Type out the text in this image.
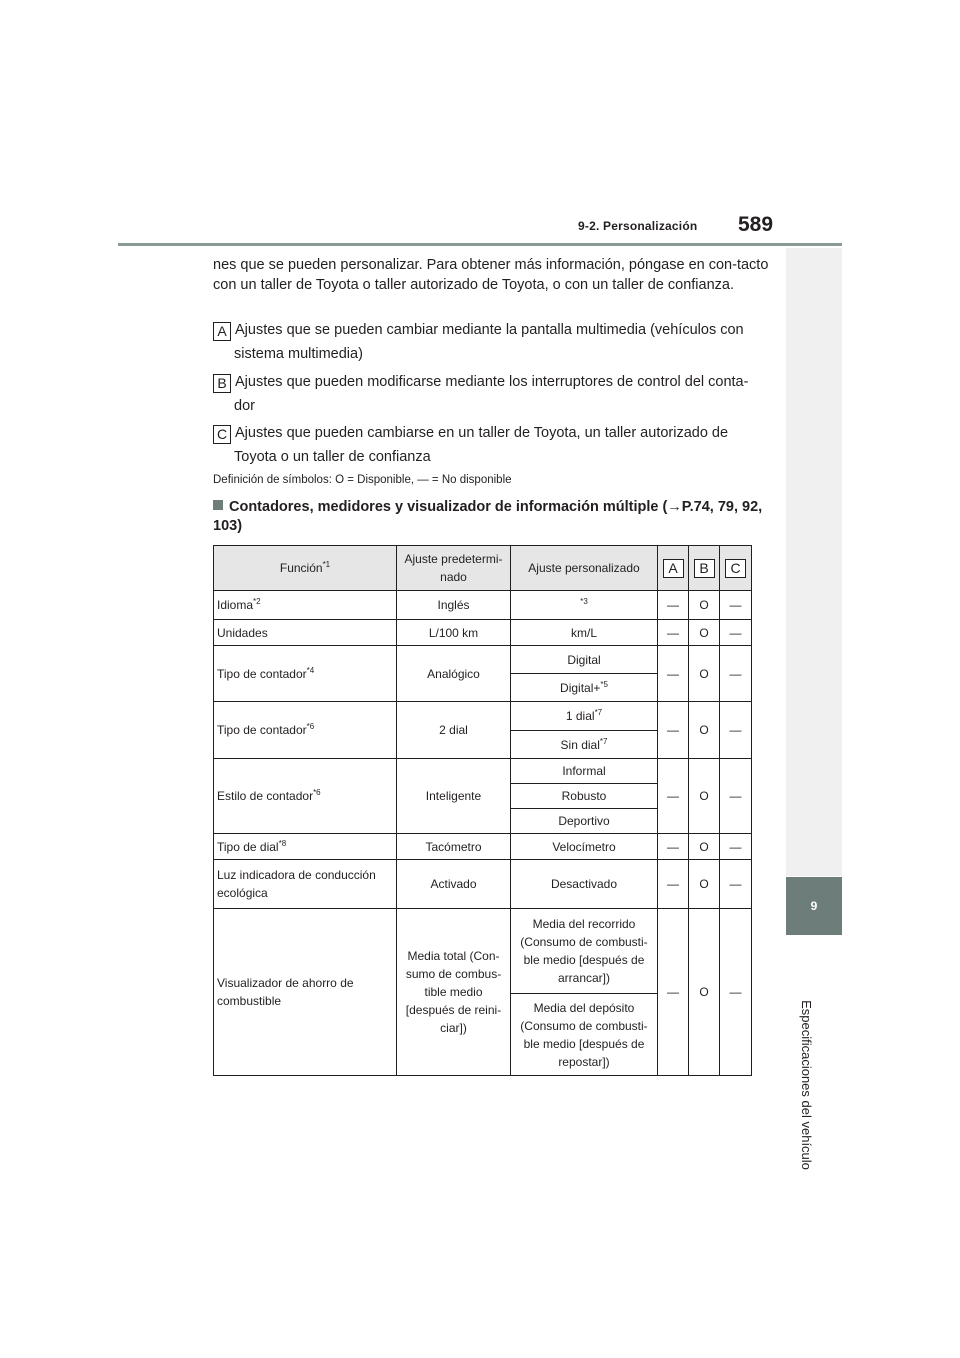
9-2. Personalización 589
9
Especificaciones del vehículo
nes que se pueden personalizar. Para obtener más información, póngase en con-tacto con un taller de Toyota o taller autorizado de Toyota, o con un taller de confianza.
A Ajustes que se pueden cambiar mediante la pantalla multimedia (vehículos con
sistema multimedia)
B Ajustes que pueden modificarse mediante los interruptores de control del conta-
dor
C Ajustes que pueden cambiarse en un taller de Toyota, un taller autorizado de
Toyota o un taller de confianza
Definición de símbolos: O = Disponible, — = No disponible
Contadores, medidores y visualizador de información múltiple (→P.74, 79, 92, 103)
Función$^{*1}$	Ajuste predetermi-nado	Ajuste personalizado	A	B	C
Idioma$^{*2}$	Inglés	$^{*3}$	—	O	—
Unidades	L/100 km	km/L	—	O	—
Tipo de contador$^{*4}$	Analógico	Digital	—	O	—
		Digital+$^{*5}$
Tipo de contador$^{*6}$	2 dial	1 dial$^{*7}$	—	O	—
		Sin dial$^{*7}$
Estilo de contador$^{*6}$	Inteligente	Informal	—	O	—
		Robusto			
		Deportivo			
Tipo de dial$^{*8}$	Tacómetro	Velocímetro	—	O	—
Luz indicadora de conducción ecológica	Activado	Desactivado	—	O	—
Visualizador de ahorro de combustible	Media total (Con-sumo de combus-tible medio [después de reini-ciar])	Media del recorrido (Consumo de combusti-ble medio [después de arrancar])	—	O	—
		Media del depósito (Consumo de combusti-ble medio [después de repostar])			
